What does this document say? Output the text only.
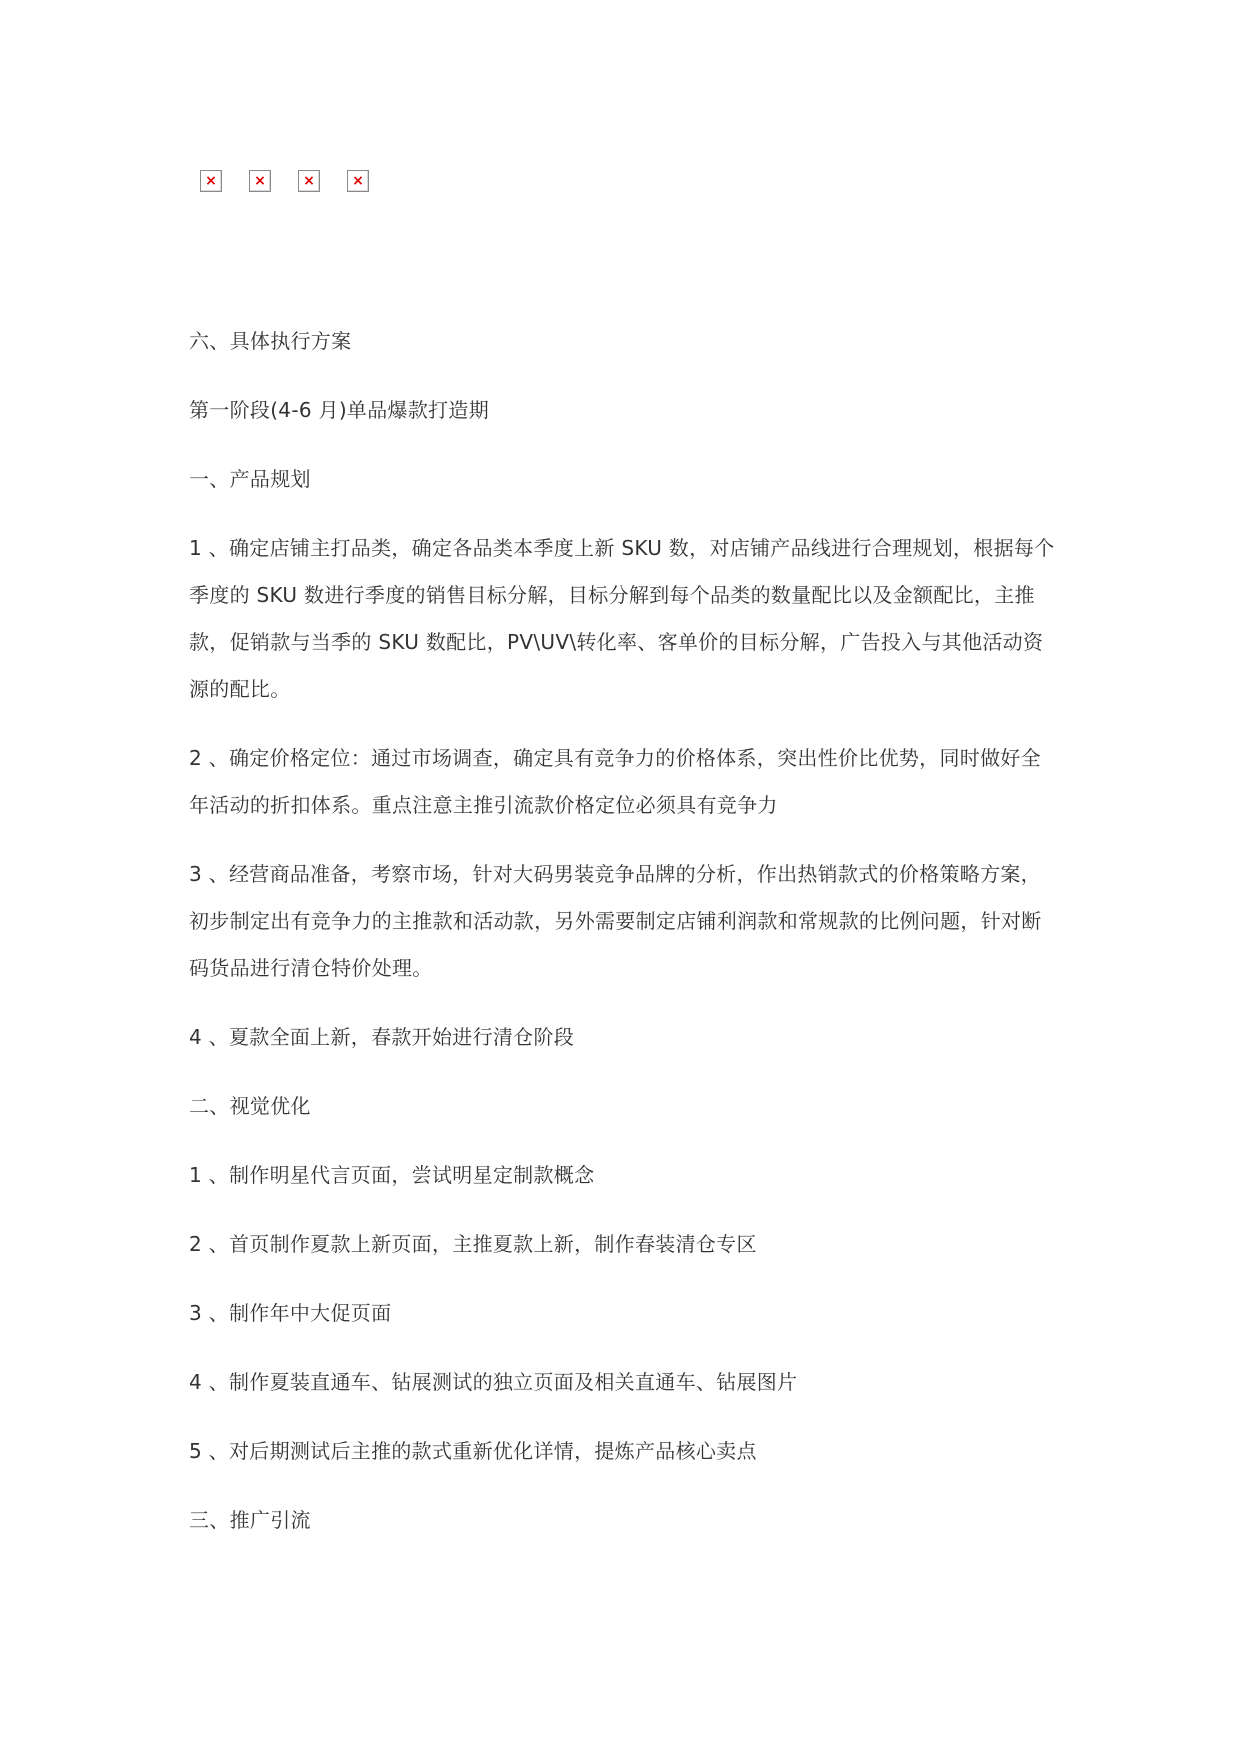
×	×	×	×

六、具体执行方案

第一阶段(4-6 月)单品爆款打造期

一、产品规划

1 、确定店铺主打品类，确定各品类本季度上新 SKU 数，对店铺产品线进行合理规划，根据每个季度的 SKU 数进行季度的销售目标分解，目标分解到每个品类的数量配比以及金额配比，主推款，促销款与当季的 SKU 数配比，PV\UV\转化率、客单价的目标分解，广告投入与其他活动资源的配比。

2 、确定价格定位：通过市场调查，确定具有竞争力的价格体系，突出性价比优势，同时做好全年活动的折扣体系。重点注意主推引流款价格定位必须具有竞争力

3 、经营商品准备，考察市场，针对大码男装竞争品牌的分析，作出热销款式的价格策略方案，初步制定出有竞争力的主推款和活动款，另外需要制定店铺利润款和常规款的比例问题，针对断码货品进行清仓特价处理。

4 、夏款全面上新，春款开始进行清仓阶段

二、视觉优化

1 、制作明星代言页面，尝试明星定制款概念

2 、首页制作夏款上新页面，主推夏款上新，制作春装清仓专区

3 、制作年中大促页面

4 、制作夏装直通车、钻展测试的独立页面及相关直通车、钻展图片

5 、对后期测试后主推的款式重新优化详情，提炼产品核心卖点

三、推广引流
